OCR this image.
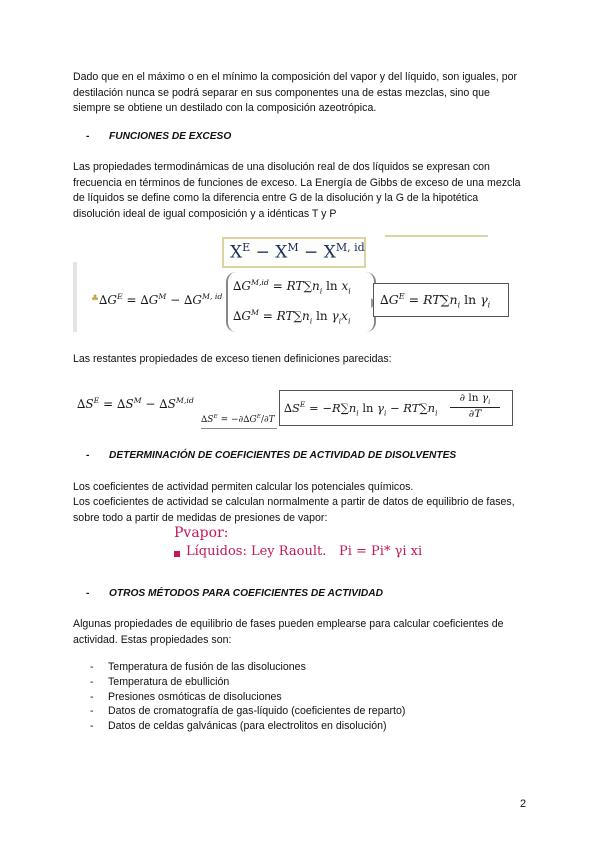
Dado que en el máximo o en el mínimo la composición del vapor y del líquido, son iguales, por destilación nunca se podrá separar en sus componentes una de estas mezclas, sino que siempre se obtiene un destilado con la composición azeotrópica.
- FUNCIONES DE EXCESO
Las propiedades termodinámicas de una disolución real de dos líquidos se expresan con frecuencia en términos de funciones de exceso. La Energía de Gibbs de exceso de una mezcla de líquidos se define como la diferencia entre G de la disolución y la G de la hipotética disolución ideal de igual composición y a idénticas T y P
$X^E - X^M - X^{M, id}$
♣ $\Delta G^E = \Delta G^M - \Delta G^{M, id}$
$\Delta G^{M,id} = RT\sum n_i$ $\ln x_i$
$\Delta G^M = RT\sum n_i$ $\ln \gamma_ix_i$
$\Delta G^E = RT\sum n_i$ $\ln \gamma_i$
Las restantes propiedades de exceso tienen definiciones parecidas:
$\Delta S^E = \Delta S^M - \Delta S^{M,id}$
$\Delta S^E = -\partial\Delta G^E/\partial T$
$\Delta S^E = -R\sum n_i$ $\ln \gamma_i - RT\sum n_i$
∂ $\ln \gamma_i$
∂T
- DETERMINACIÓN DE COEFICIENTES DE ACTIVIDAD DE DISOLVENTES
Los coeficientes de actividad permiten calcular los potenciales químicos.
Los coeficientes de actividad se calculan normalmente a partir de datos de equilibrio de fases, sobre todo a partir de medidas de presiones de vapor:
Pvapor:
Líquidos: Ley Raoult. Pi = Pi* γi xi
- OTROS MÉTODOS PARA COEFICIENTES DE ACTIVIDAD
Algunas propiedades de equilibrio de fases pueden emplearse para calcular coeficientes de actividad. Estas propiedades son:
- Temperatura de fusión de las disoluciones
- Temperatura de ebullición
- Presiones osmóticas de disoluciones
- Datos de cromatografía de gas-líquido (coeficientes de reparto)
- Datos de celdas galvánicas (para electrolitos en disolución)
2
